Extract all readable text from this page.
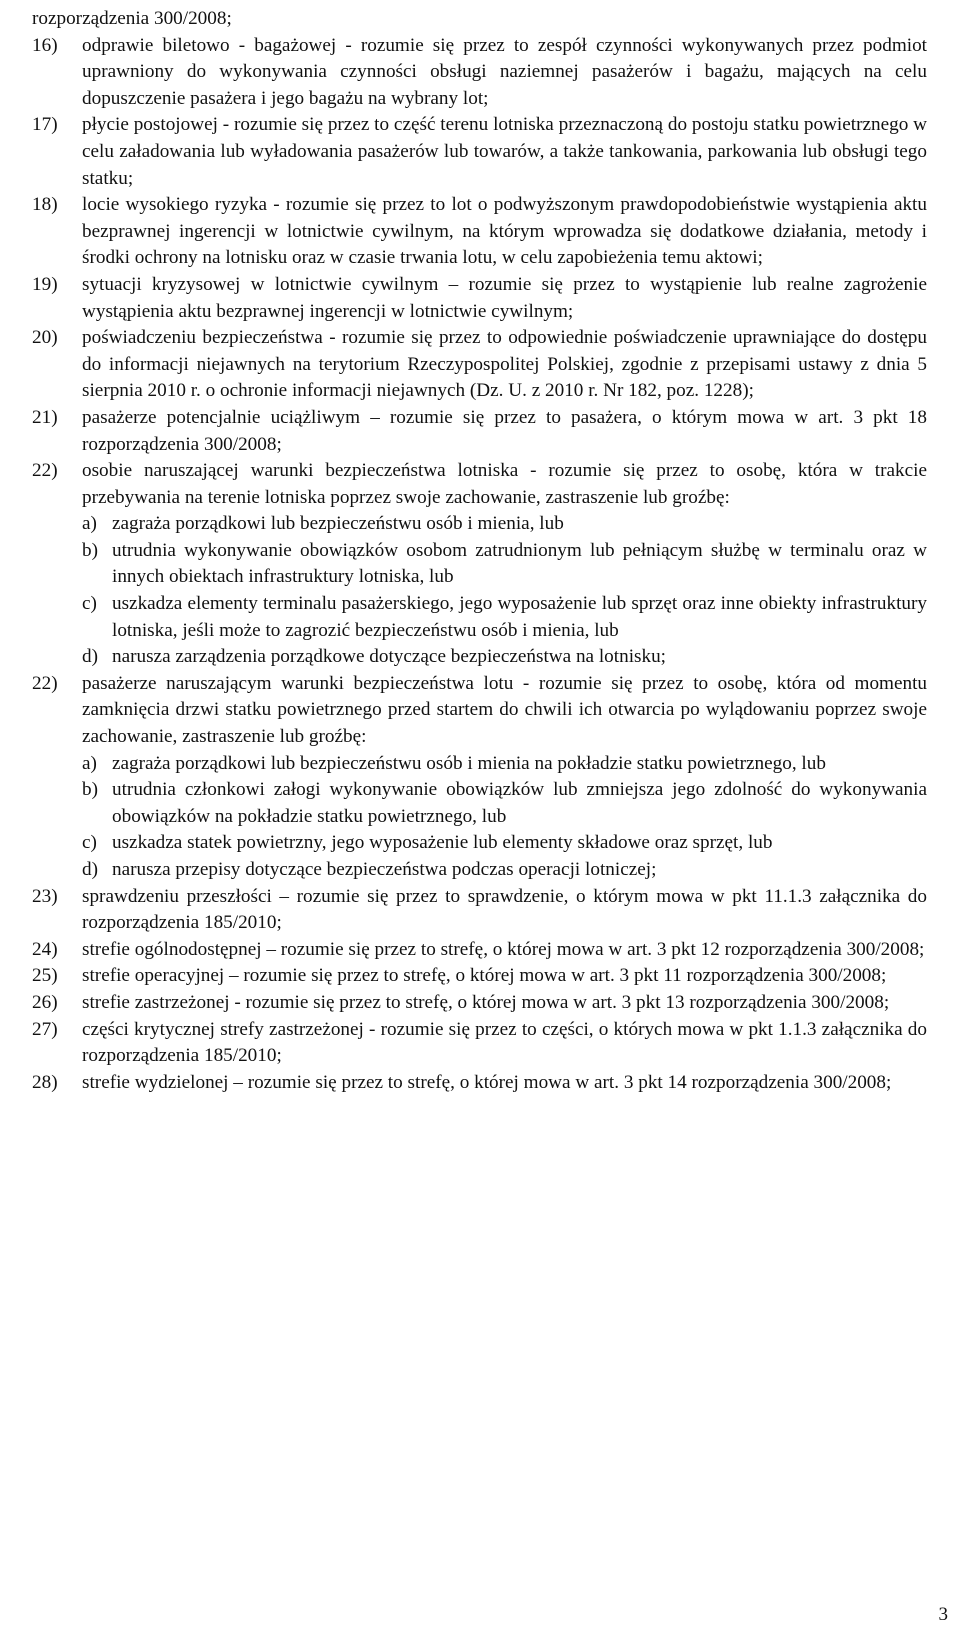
rozporządzenia 300/2008;
16) odprawie biletowo - bagażowej - rozumie się przez to zespół czynności wykonywanych przez podmiot uprawniony do wykonywania czynności obsługi naziemnej pasażerów i bagażu, mających na celu dopuszczenie pasażera i jego bagażu na wybrany lot;
17) płycie postojowej - rozumie się przez to część terenu lotniska przeznaczoną do postoju statku powietrznego w celu załadowania lub wyładowania pasażerów lub towarów, a także tankowania, parkowania lub obsługi tego statku;
18) locie wysokiego ryzyka - rozumie się przez to lot o podwyższonym prawdopodobieństwie wystąpienia aktu bezprawnej ingerencji w lotnictwie cywilnym, na którym wprowadza się dodatkowe działania, metody i środki ochrony na lotnisku oraz w czasie trwania lotu, w celu zapobieżenia temu aktowi;
19) sytuacji kryzysowej w lotnictwie cywilnym – rozumie się przez to wystąpienie lub realne zagrożenie wystąpienia aktu bezprawnej ingerencji w lotnictwie cywilnym;
20) poświadczeniu bezpieczeństwa - rozumie się przez to odpowiednie poświadczenie uprawniające do dostępu do informacji niejawnych na terytorium Rzeczypospolitej Polskiej, zgodnie z przepisami ustawy z dnia 5 sierpnia 2010 r. o ochronie informacji niejawnych (Dz. U. z 2010 r. Nr 182, poz. 1228);
21) pasażerze potencjalnie uciążliwym – rozumie się przez to pasażera, o którym mowa w art. 3 pkt 18 rozporządzenia 300/2008;
22) osobie naruszającej warunki bezpieczeństwa lotniska - rozumie się przez to osobę, która w trakcie przebywania na terenie lotniska poprzez swoje zachowanie, zastraszenie lub groźbę:
a) zagraża porządkowi lub bezpieczeństwu osób i mienia, lub
b) utrudnia wykonywanie obowiązków osobom zatrudnionym lub pełniącym służbę w terminalu oraz w innych obiektach infrastruktury lotniska, lub
c) uszkadza elementy terminalu pasażerskiego, jego wyposażenie lub sprzęt oraz inne obiekty infrastruktury lotniska, jeśli może to zagrozić bezpieczeństwu osób i mienia, lub
d) narusza zarządzenia porządkowe dotyczące bezpieczeństwa na lotnisku;
22) pasażerze naruszającym warunki bezpieczeństwa lotu - rozumie się przez to osobę, która od momentu zamknięcia drzwi statku powietrznego przed startem do chwili ich otwarcia po wylądowaniu poprzez swoje zachowanie, zastraszenie lub groźbę:
a) zagraża porządkowi lub bezpieczeństwu osób i mienia na pokładzie statku powietrznego, lub
b) utrudnia członkowi załogi wykonywanie obowiązków lub zmniejsza jego zdolność do wykonywania obowiązków na pokładzie statku powietrznego, lub
c) uszkadza statek powietrzny, jego wyposażenie lub elementy składowe oraz sprzęt, lub
d) narusza przepisy dotyczące bezpieczeństwa podczas operacji lotniczej;
23) sprawdzeniu przeszłości – rozumie się przez to sprawdzenie, o którym mowa w pkt 11.1.3 załącznika do rozporządzenia 185/2010;
24) strefie ogólnodostępnej – rozumie się przez to strefę, o której mowa w art. 3 pkt 12 rozporządzenia 300/2008;
25) strefie operacyjnej – rozumie się przez to strefę, o której mowa w art. 3 pkt 11 rozporządzenia 300/2008;
26) strefie zastrzeżonej - rozumie się przez to strefę, o której mowa w art. 3 pkt 13 rozporządzenia 300/2008;
27) części krytycznej strefy zastrzeżonej - rozumie się przez to części, o których mowa w pkt 1.1.3 załącznika do rozporządzenia 185/2010;
28) strefie wydzielonej – rozumie się przez to strefę, o której mowa w art. 3 pkt 14 rozporządzenia 300/2008;
3
